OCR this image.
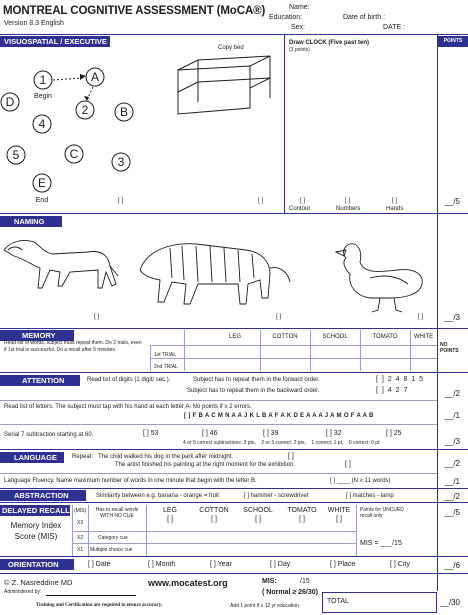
MONTREAL COGNITIVE ASSESSMENT (MoCA®)
Version 8.3 English
Name:
Education:
Sex:
Date of birth :
DATE :
VISUOSPATIAL / EXECUTIVE	POINTS
Copy bed
Draw CLOCK (Five past ten)
(3 points)
1	A
2	B
D
4
5	C
3
E
Begin
End	[ ]	[ ]	[ ]	[ ]	[ ]
Contour	Numbers	Hands
__/5
NAMING
[ ]	[ ]	[ ]	__/3
MEMORY
Read list of words, subject must repeat them. Do 2 trials, even if 1st trial is successful. Do a recall after 5 minutes.
LEG	COTTON	SCHOOL	TOMATO	WHITE
1st TRIAL
2nd TRIAL
NO POINTS
ATTENTION	Read list of digits (1 digit/ sec.).	Subject has to repeat them in the forward order.	[ ] 2 4 8 1 5
Subject has to repeat them in the backward order.	[ ] 4 2 7	__/2
Read list of letters. The subject must tap with his hand at each letter A. No points if ≥ 2 errors.
[ ] F B A C M N A A J K L B A F A K D E A A A J A M O F A A B	__/1
Serial 7 subtraction starting at 60.	[ ] 53	[ ] 46	[ ] 39	[ ] 32	[ ] 25
4 or 5 correct subtractions: 3 pts,    2 or 3 correct: 2 pts,    1 correct: 1 pt,    0 correct: 0 pt	__/3
LANGUAGE	Repeat: The child walked his dog in the park after midnight.	[ ]
The artist finished his painting at the right moment for the exhibition.	[ ]	__/2
Language Fluency. Name maximum number of words in one minute that begin with the letter B.	[ ] ____ (N ≥ 11 words)	__/1
ABSTRACTION	Similarity between e.g. banana - orange = fruit	[ ] hammer - screwdriver	[ ] matches - lamp	__/2
DELAYED RECALL (MIS)
X3
X2
X1
Has to recall words WITH NO CUE
Category cue
Multiple choice cue
LEG	COTTON	SCHOOL	TOMATO	WHITE
[ ]	[ ]	[ ]	[ ]	[ ]
Points for UNCUED recall only
MIS = ___/15
Memory Index Score (MIS)
__/5
ORIENTATION	[ ] Date	[ ] Month	[ ] Year	[ ] Day	[ ] Place	[ ] City	__/6
© Z. Nasreddine MD
Administered by:
Training and Certification are required to ensure accuracy.
www.mocatest.org	MIS:	/15
( Normal ≥ 26/30)
Add 1 point if ≤ 12 yr education
TOTAL	__/30
